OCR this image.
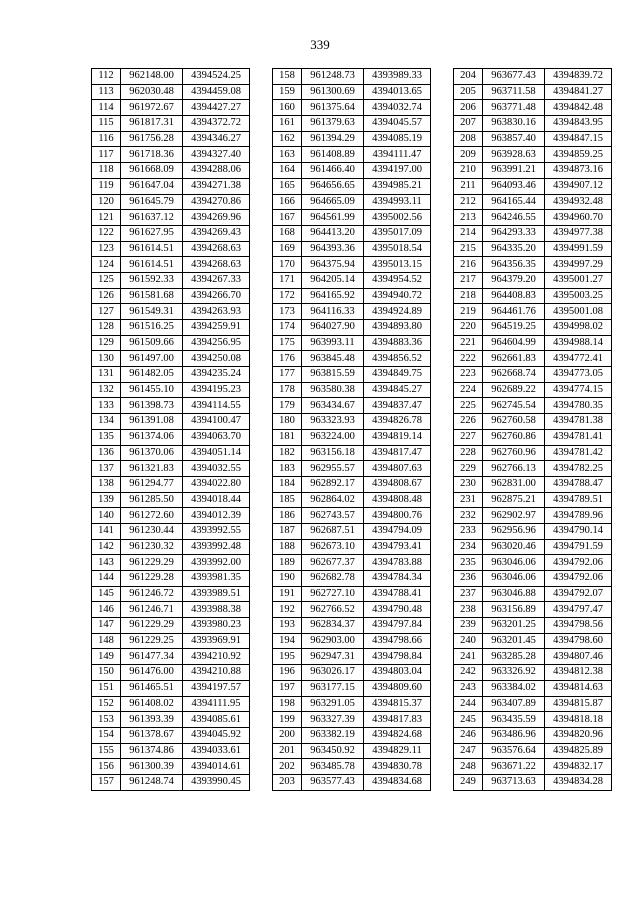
339
112	962148.00	4394524.25
113	962030.48	4394459.08
114	961972.67	4394427.27
115	961817.31	4394372.72
116	961756.28	4394346.27
117	961718.36	4394327.40
118	961668.09	4394288.06
119	961647.04	4394271.38
120	961645.79	4394270.86
121	961637.12	4394269.96
122	961627.95	4394269.43
123	961614.51	4394268.63
124	961614.51	4394268.63
125	961592.33	4394267.33
126	961581.68	4394266.70
127	961549.31	4394263.93
128	961516.25	4394259.91
129	961509.66	4394256.95
130	961497.00	4394250.08
131	961482.05	4394235.24
132	961455.10	4394195.23
133	961398.73	4394114.55
134	961391.08	4394100.47
135	961374.06	4394063.70
136	961370.06	4394051.14
137	961321.83	4394032.55
138	961294.77	4394022.80
139	961285.50	4394018.44
140	961272.60	4394012.39
141	961230.44	4393992.55
142	961230.32	4393992.48
143	961229.29	4393992.00
144	961229.28	4393981.35
145	961246.72	4393989.51
146	961246.71	4393988.38
147	961229.29	4393980.23
148	961229.25	4393969.91
149	961477.34	4394210.92
150	961476.00	4394210.88
151	961465.51	4394197.57
152	961408.02	4394111.95
153	961393.39	4394085.61
154	961378.67	4394045.92
155	961374.86	4394033.61
156	961300.39	4394014.61
157	961248.74	4393990.45
158	961248.73	4393989.33
159	961300.69	4394013.65
160	961375.64	4394032.74
161	961379.63	4394045.57
162	961394.29	4394085.19
163	961408.89	4394111.47
164	961466.40	4394197.00
165	964656.65	4394985.21
166	964665.09	4394993.11
167	964561.99	4395002.56
168	964413.20	4395017.09
169	964393.36	4395018.54
170	964375.94	4395013.15
171	964205.14	4394954.52
172	964165.92	4394940.72
173	964116.33	4394924.89
174	964027.90	4394893.80
175	963993.11	4394883.36
176	963845.48	4394856.52
177	963815.59	4394849.75
178	963580.38	4394845.27
179	963434.67	4394837.47
180	963323.93	4394826.78
181	963224.00	4394819.14
182	963156.18	4394817.47
183	962955.57	4394807.63
184	962892.17	4394808.67
185	962864.02	4394808.48
186	962743.57	4394800.76
187	962687.51	4394794.09
188	962673.10	4394793.41
189	962677.37	4394783.88
190	962682.78	4394784.34
191	962727.10	4394788.41
192	962766.52	4394790.48
193	962834.37	4394797.84
194	962903.00	4394798.66
195	962947.31	4394798.84
196	963026.17	4394803.04
197	963177.15	4394809.60
198	963291.05	4394815.37
199	963327.39	4394817.83
200	963382.19	4394824.68
201	963450.92	4394829.11
202	963485.78	4394830.78
203	963577.43	4394834.68
204	963677.43	4394839.72
205	963711.58	4394841.27
206	963771.48	4394842.48
207	963830.16	4394843.95
208	963857.40	4394847.15
209	963928.63	4394859.25
210	963991.21	4394873.16
211	964093.46	4394907.12
212	964165.44	4394932.48
213	964246.55	4394960.70
214	964293.33	4394977.38
215	964335.20	4394991.59
216	964356.35	4394997.29
217	964379.20	4395001.27
218	964408.83	4395003.25
219	964461.76	4395001.08
220	964519.25	4394998.02
221	964604.99	4394988.14
222	962661.83	4394772.41
223	962668.74	4394773.05
224	962689.22	4394774.15
225	962745.54	4394780.35
226	962760.58	4394781.38
227	962760.86	4394781.41
228	962760.96	4394781.42
229	962766.13	4394782.25
230	962831.00	4394788.47
231	962875.21	4394789.51
232	962902.97	4394789.96
233	962956.96	4394790.14
234	963020.46	4394791.59
235	963046.06	4394792.06
236	963046.06	4394792.06
237	963046.88	4394792.07
238	963156.89	4394797.47
239	963201.25	4394798.56
240	963201.45	4394798.60
241	963285.28	4394807.46
242	963326.92	4394812.38
243	963384.02	4394814.63
244	963407.89	4394815.87
245	963435.59	4394818.18
246	963486.96	4394820.96
247	963576.64	4394825.89
248	963671.22	4394832.17
249	963713.63	4394834.28
